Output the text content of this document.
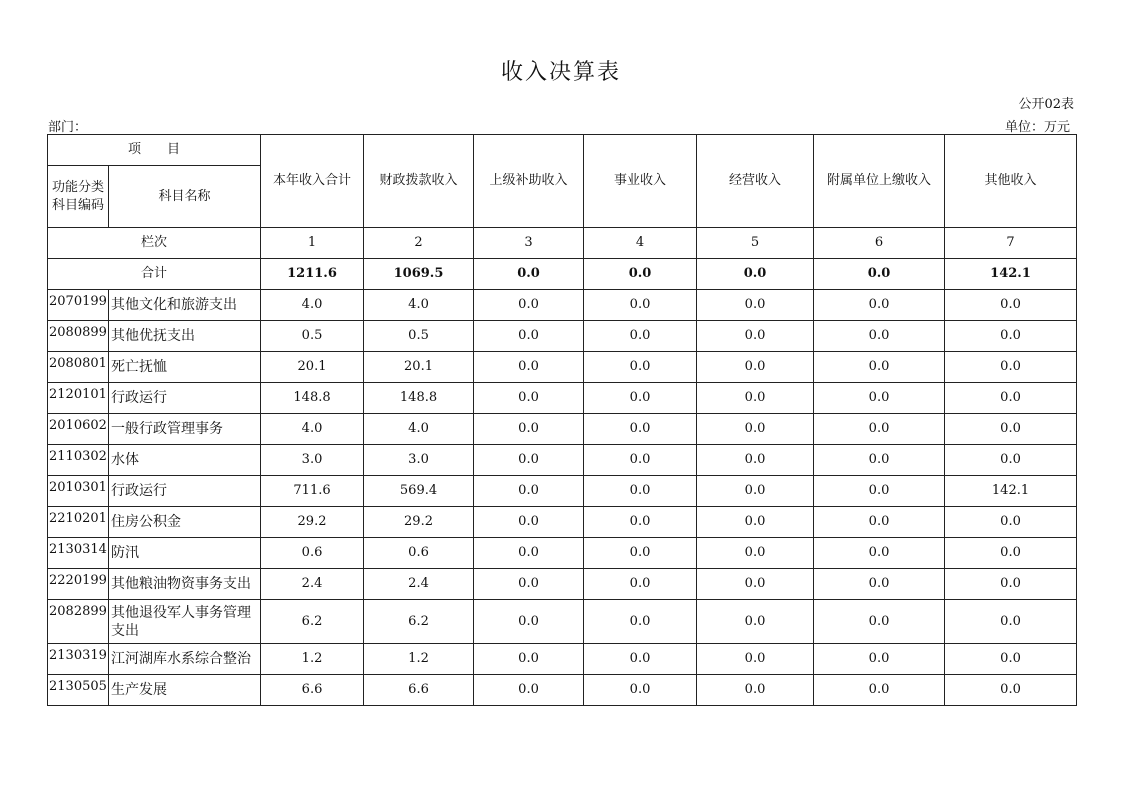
收入决算表
公开02表
部门：	单位：万元
项　　目		本年收入合计	财政拨款收入	上级补助收入	事业收入	经营收入	附属单位上缴收入	其他收入
功能分类科目编码	科目名称							
栏次		1	2	3	4	5	6	7
合计		1211.6	1069.5	0.0	0.0	0.0	0.0	142.1
2070199	其他文化和旅游支出	4.0	4.0	0.0	0.0	0.0	0.0	0.0
2080899	其他优抚支出	0.5	0.5	0.0	0.0	0.0	0.0	0.0
2080801	死亡抚恤	20.1	20.1	0.0	0.0	0.0	0.0	0.0
2120101	行政运行	148.8	148.8	0.0	0.0	0.0	0.0	0.0
2010602	一般行政管理事务	4.0	4.0	0.0	0.0	0.0	0.0	0.0
2110302	水体	3.0	3.0	0.0	0.0	0.0	0.0	0.0
2010301	行政运行	711.6	569.4	0.0	0.0	0.0	0.0	142.1
2210201	住房公积金	29.2	29.2	0.0	0.0	0.0	0.0	0.0
2130314	防汛	0.6	0.6	0.0	0.0	0.0	0.0	0.0
2220199	其他粮油物资事务支出	2.4	2.4	0.0	0.0	0.0	0.0	0.0
2082899	其他退役军人事务管理支出	6.2	6.2	0.0	0.0	0.0	0.0	0.0
2130319	江河湖库水系综合整治	1.2	1.2	0.0	0.0	0.0	0.0	0.0
2130505	生产发展	6.6	6.6	0.0	0.0	0.0	0.0	0.0
